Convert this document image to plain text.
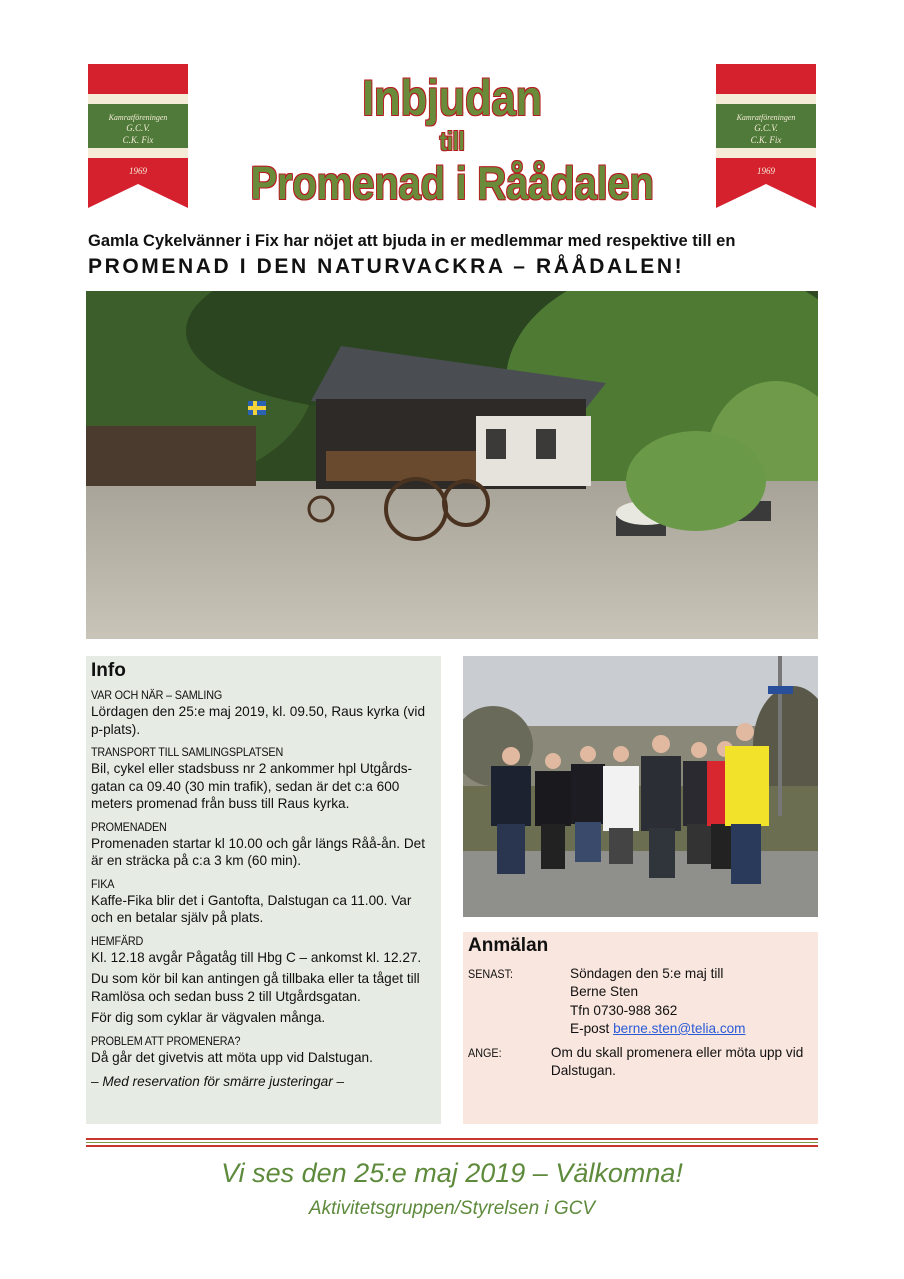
Kamratföreningen
G.C.V.
C.K. Fix
1969
Kamratföreningen
G.C.V.
C.K. Fix
1969
Inbjudan
till
Promenad i Råådalen
Gamla Cykelvänner i Fix har nöjet att bjuda in er medlemmar med respektive till en
PROMENAD I DEN NATURVACKRA – RÅÅDALEN!
Info
VAR OCH NÄR – SAMLING
Lördagen den 25:e maj 2019, kl. 09.50, Raus kyrka (vid p-plats).
TRANSPORT TILL SAMLINGSPLATSEN
Bil, cykel eller stadsbuss nr 2 ankommer hpl Utgårds-gatan ca 09.40 (30 min trafik), sedan är det c:a 600 meters promenad från buss till Raus kyrka.
PROMENADEN
Promenaden startar kl 10.00 och går längs Råå-ån. Det är en sträcka på c:a 3 km (60 min).
FIKA
Kaffe-Fika blir det i Gantofta, Dalstugan ca 11.00. Var och en betalar själv på plats.
HEMFÄRD
Kl. 12.18 avgår Pågatåg till Hbg C – ankomst kl. 12.27.
Du som kör bil kan antingen gå tillbaka eller ta tåget till Ramlösa och sedan buss 2 till Utgårdsgatan.
För dig som cyklar är vägvalen många.
PROBLEM ATT PROMENERA?
Då går det givetvis att möta upp vid Dalstugan.
– Med reservation för smärre justeringar –
Anmälan
SENAST:	Söndagen den 5:e maj till
Berne Sten
Tfn 0730-988 362
E-post berne.sten@telia.com
ANGE:	Om du skall promenera eller möta upp vid Dalstugan.
Vi ses den 25:e maj 2019 – Välkomna!
Aktivitetsgruppen/Styrelsen i GCV
